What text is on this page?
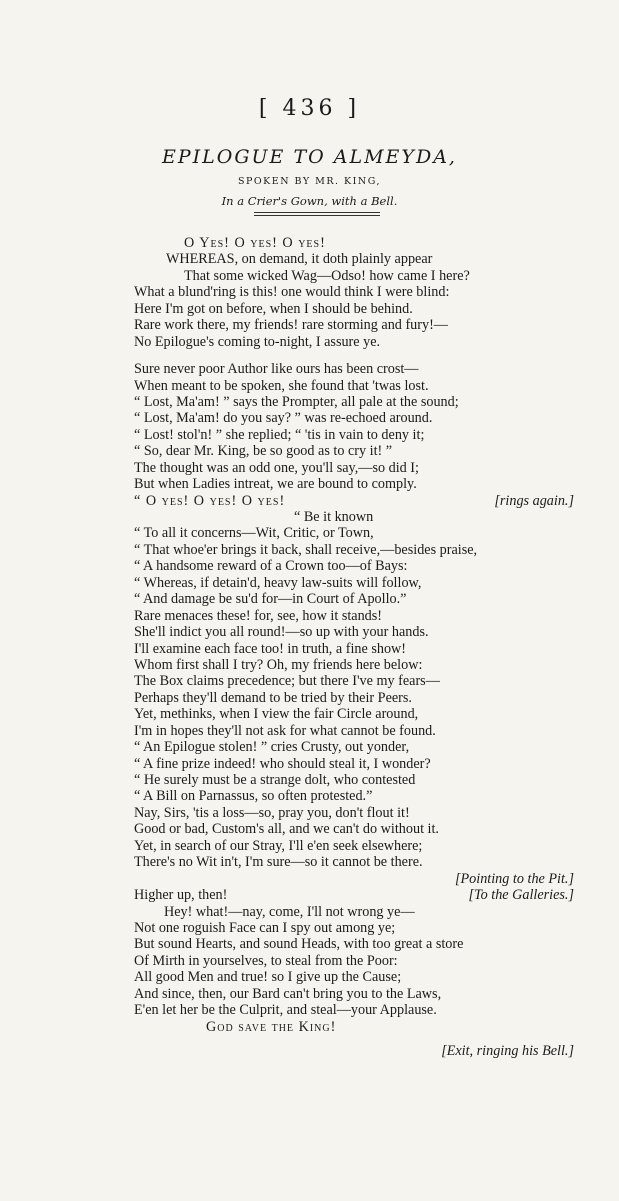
[ 436 ]
EPILOGUE TO ALMEYDA,
SPOKEN BY MR. KING,
In a Crier's Gown, with a Bell.
O Yes! O yes! O yes!
WHEREAS, on demand, it doth plainly appear
That some wicked Wag—Odso! how came I here?
What a blund'ring is this! one would think I were blind:
Here I'm got on before, when I should be behind.
Rare work there, my friends! rare storming and fury!—
No Epilogue's coming to-night, I assure ye.
Sure never poor Author like ours has been crost—
When meant to be spoken, she found that 'twas lost.
“ Lost, Ma'am! ” says the Prompter, all pale at the sound;
“ Lost, Ma'am! do you say? ” was re-echoed around.
“ Lost! stol'n! ” she replied; “ 'tis in vain to deny it;
“ So, dear Mr. King, be so good as to cry it! ”
The thought was an odd one, you'll say,—so did I;
But when Ladies intreat, we are bound to comply.
“ O yes! O yes! O yes!	[rings again.]
“ Be it known
“ To all it concerns—Wit, Critic, or Town,
“ That whoe'er brings it back, shall receive,—besides praise,
“ A handsome reward of a Crown too—of Bays:
“ Whereas, if detain'd, heavy law-suits will follow,
“ And damage be su'd for—in Court of Apollo.”
Rare menaces these! for, see, how it stands!
She'll indict you all round!—so up with your hands.
I'll examine each face too! in truth, a fine show!
Whom first shall I try? Oh, my friends here below:
The Box claims precedence; but there I've my fears—
Perhaps they'll demand to be tried by their Peers.
Yet, methinks, when I view the fair Circle around,
I'm in hopes they'll not ask for what cannot be found.
“ An Epilogue stolen! ” cries Crusty, out yonder,
“ A fine prize indeed! who should steal it, I wonder?
“ He surely must be a strange dolt, who contested
“ A Bill on Parnassus, so often protested.”
Nay, Sirs, 'tis a loss—so, pray you, don't flout it!
Good or bad, Custom's all, and we can't do without it.
Yet, in search of our Stray, I'll e'en seek elsewhere;
There's no Wit in't, I'm sure—so it cannot be there.
[Pointing to the Pit.]
Higher up, then!	[To the Galleries.]
Hey! what!—nay, come, I'll not wrong ye—
Not one roguish Face can I spy out among ye;
But sound Hearts, and sound Heads, with too great a store
Of Mirth in yourselves, to steal from the Poor:
All good Men and true! so I give up the Cause;
And since, then, our Bard can't bring you to the Laws,
E'en let her be the Culprit, and steal—your Applause.
God save the King!
[Exit, ringing his Bell.]
